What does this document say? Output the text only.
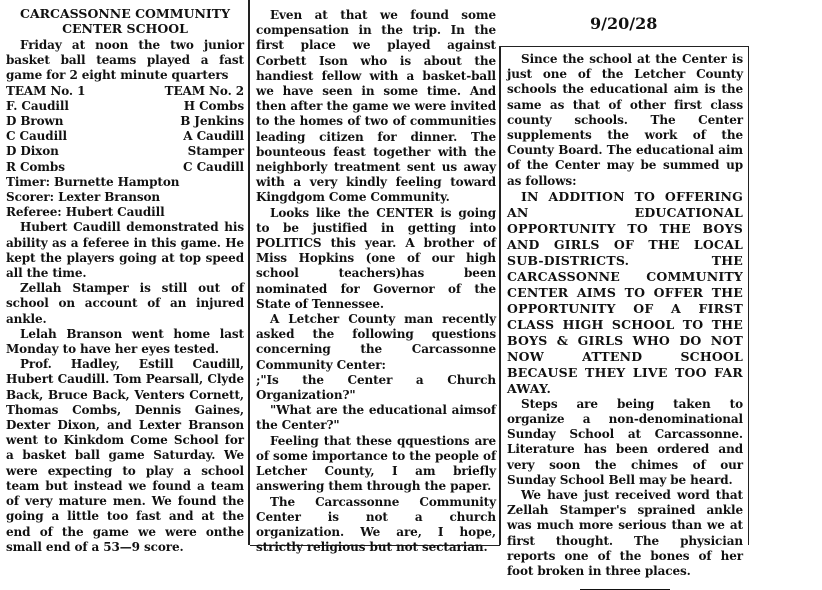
9/20/28
CARCASSONNE COMMUNITY
CENTER SCHOOL

Friday at noon the two junior basket ball teams played a fast game for 2 eight minute quarters

TEAM No. 1	TEAM No. 2
F. Caudill	H Combs
D Brown	B Jenkins
C Caudill	A Caudill
D Dixon	Stamper
R Combs	C Caudill
Timer: Burnette Hampton
Scorer: Lexter Branson
Referee: Hubert Caudill

Hubert Caudill demonstrated his ability as a feferee in this game. He kept the players going at top speed all the time.

Zellah Stamper is still out of school on account of an injured ankle.

Lelah Branson went home last Monday to have her eyes tested.

Prof. Hadley, Estill Caudill, Hubert Caudill. Tom Pearsall, Clyde Back, Bruce Back, Venters Cornett, Thomas Combs, Dennis Gaines, Dexter Dixon, and Lexter Branson went to Kinkdom Come School for a basket ball game Saturday. We were expecting to play a school team but instead we found a team of very mature men. We found the going a little too fast and at the end of the game we were onthe small end of a 53—9 score.

Even at that we found some compensation in the trip. In the first place we played against Corbett Ison who is about the handiest fellow with a basket-ball we have seen in some time. And then after the game we were invited to the homes of two of communities leading citizen for dinner. The bounteous feast together with the neighborly treatment sent us away with a very kindly feeling toward Kingdgom Come Community.

Looks like the CENTER is going to be justified in getting into POLITICS this year. A brother of Miss Hopkins (one of our high school teachers)has been nominated for Governor of the State of Tennessee.

A Letcher County man recently asked the following questions concerning the Carcassonne Community Center:

;"Is the Center a Church Organization?"

"What are the educational aimsof the Center?"

Feeling that these qquestions are of some importance to the people of Letcher County, I am briefly answering them through the paper.

The Carcassonne Community Center is not a church organization. We are, I hope, strictly religious but not sectarian.

Since the school at the Center is just one of the Letcher County schools the educational aim is the same as that of other first class county schools. The Center supplements the work of the County Board. The educational aim of the Center may be summed up as follows:

IN ADDITION TO OFFERING AN EDUCATIONAL OPPORTUNITY TO THE BOYS AND GIRLS OF THE LOCAL SUB-DISTRICTS. THE CARCASSONNE COMMUNITY CENTER AIMS TO OFFER THE OPPORTUNITY OF A FIRST CLASS HIGH SCHOOL TO THE BOYS & GIRLS WHO DO NOT NOW ATTEND SCHOOL BECAUSE THEY LIVE TOO FAR AWAY.

Steps are being taken to organize a non-denominational Sunday School at Carcassonne. Literature has been ordered and very soon the chimes of our Sunday School Bell may be heard.

We have just received word that Zellah Stamper's sprained ankle was much more serious than we at first thought. The physician reports one of the bones of her foot broken in three places.
